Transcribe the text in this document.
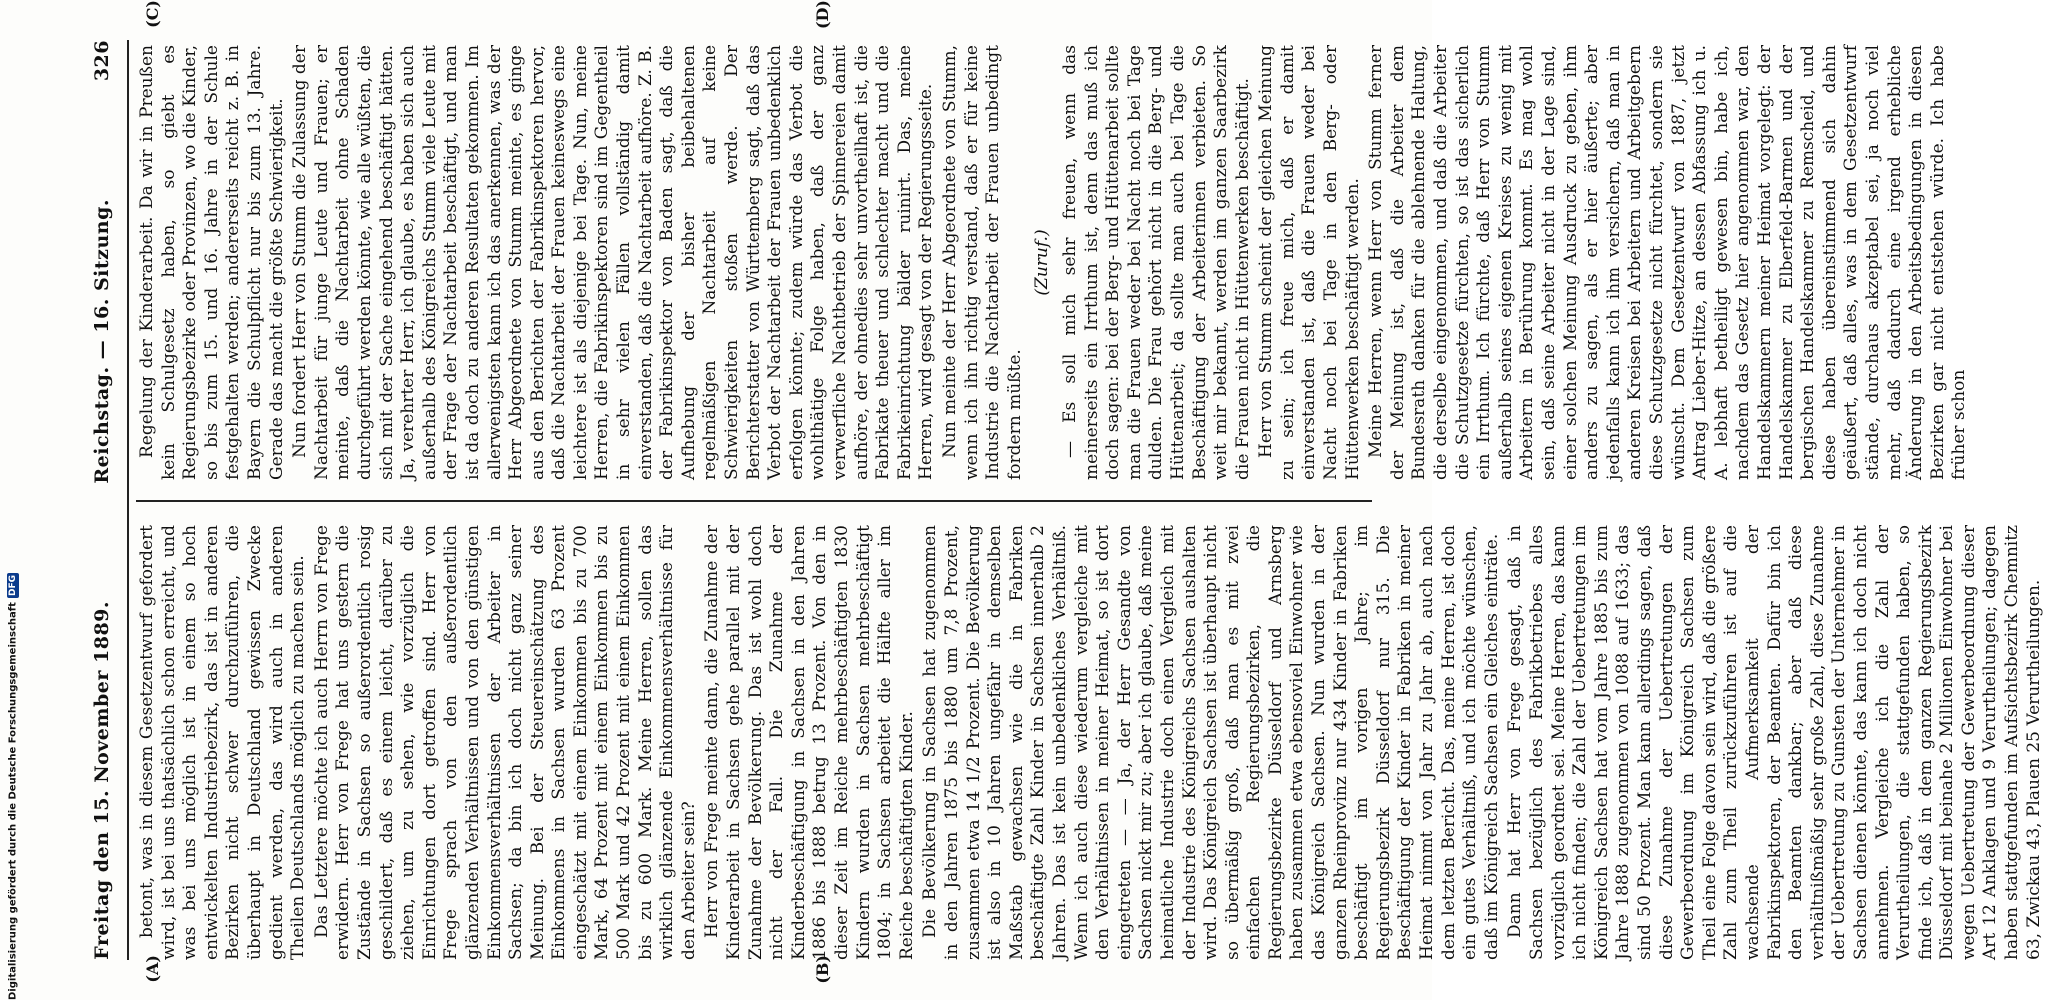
326
Reichstag. — 16. Sitzung.
Freitag den 15. November 1889.
(A)	(B)
(C)	(D)

Regelung der Kinderarbeit. Da wir in Preußen kein Schulgesetz haben, so giebt es Regierungsbezirke oder Provinzen, wo die Kinder, so bis zum 15. und 16. Jahre in der Schule festgehalten werden; andererseits reicht z. B. in Bayern die Schulpflicht nur bis zum 13. Jahre. Gerade das macht die größte Schwierigkeit. Nun fordert Herr von Stumm die Zulassung der Nachtarbeit für junge Leute und Frauen; er meinte, daß die Nachtarbeit ohne Schaden durchgeführt werden könnte, wie alle wüßten, die sich mit der Sache eingehend beschäftigt hätten. Ja, verehrter Herr, ich glaube, es haben sich auch außerhalb des Königreichs Stumm viele Leute mit der Frage der Nachtarbeit beschäftigt, und man ist da doch zu anderen Resultaten gekommen. Im allerwenigsten kann ich das anerkennen, was der Herr Abgeordnete von Stumm meinte, es ginge aus den Berichten der Fabrikinspektoren hervor, daß die Nachtarbeit der Frauen keineswegs eine leichtere ist als diejenige bei Tage. Nun, meine Herren, die Fabrikinspektoren sind im Gegentheil in sehr vielen Fällen vollständig damit einverstanden, daß die Nachtarbeit aufhöre. Z. B. der Fabrikinspektor von Baden sagt, daß die Aufhebung der bisher beibehaltenen regelmäßigen Nachtarbeit auf keine Schwierigkeiten stoßen werde. Der Berichterstatter von Württemberg sagt, daß das Verbot der Nachtarbeit der Frauen unbedenklich erfolgen könnte; zudem würde das Verbot die wohlthätige Folge haben, daß der ganz verwerfliche Nachtbetrieb der Spinnereien damit aufhöre, der ohnedies sehr unvortheilhaft ist, die Fabrikate theuer und schlechter macht und die Fabrikeinrichtung bälder ruinirt. Das, meine Herren, wird gesagt von der Regierungsseite. Nun meinte der Herr Abgeordnete von Stumm, wenn ich ihn richtig verstand, daß er für keine Industrie die Nachtarbeit der Frauen unbedingt fordern müßte.

(Zuruf.) — Es soll mich sehr freuen, wenn das meinerseits ein Irrthum ist, denn das muß ich doch sagen: bei der Berg- und Hüttenarbeit sollte man die Frauen weder bei Nacht noch bei Tage dulden. Die Frau gehört nicht in die Berg- und Hüttenarbeit; da sollte man auch bei Tage die Beschäftigung der Arbeiterinnen verbieten. So weit mir bekannt, werden im ganzen Saarbezirk die Frauen nicht in Hüttenwerken beschäftigt. Herr von Stumm scheint der gleichen Meinung zu sein; ich freue mich, daß er damit einverstanden ist, daß die Frauen weder bei Nacht noch bei Tage in den Berg- oder Hüttenwerken beschäftigt werden. Meine Herren, wenn Herr von Stumm ferner der Meinung ist, daß die Arbeiter dem Bundesrath danken für die ablehnende Haltung, die derselbe eingenommen, und daß die Arbeiter die Schutzgesetze fürchten, so ist das sicherlich ein Irrthum. Ich fürchte, daß Herr von Stumm außerhalb seines eigenen Kreises zu wenig mit Arbeitern in Berührung kommt. Es mag wohl sein, daß seine Arbeiter nicht in der Lage sind, einer solchen Meinung Ausdruck zu geben, ihm anders zu sagen, als er hier äußerte; aber jedenfalls kann ich ihm versichern, daß man in anderen Kreisen bei Arbeitern und Arbeitgebern diese Schutzgesetze nicht fürchtet, sondern sie wünscht. Dem Gesetzentwurf von 1887, jetzt Antrag Lieber-Hitze, an dessen Abfassung ich u. A. lebhaft betheiligt gewesen bin, habe ich, nachdem das Gesetz hier angenommen war, den Handelskammern meiner Heimat vorgelegt: der Handelskammer zu Elberfeld-Barmen und der bergischen Handelskammer zu Remscheid, und diese haben übereinstimmend sich dahin geäußert, daß alles, was in dem Gesetzentwurf stände, durchaus akzeptabel sei, ja noch viel mehr, daß dadurch eine irgend erhebliche Änderung in den Arbeitsbedingungen in diesen Bezirken gar nicht entstehen würde. Ich habe früher schon

betont, was in diesem Gesetzentwurf gefordert wird, ist bei uns thatsächlich schon erreicht, und was bei uns möglich ist in einem so hoch entwickelten Industriebezirk, das ist in anderen Bezirken nicht schwer durchzuführen, die überhaupt in Deutschland gewissen Zwecke gedient werden, das wird auch in anderen Theilen Deutschlands möglich zu machen sein. Das Letztere möchte ich auch Herrn von Frege erwidern. Herr von Frege hat uns gestern die Zustände in Sachsen so außerordentlich rosig geschildert, daß es einem leicht, darüber zu ziehen, um zu sehen, wie vorzüglich die Einrichtungen dort getroffen sind. Herr von Frege sprach von den außerordentlich glänzenden Verhältnissen und von den günstigen Einkommensverhältnissen der Arbeiter in Sachsen; da bin ich doch nicht ganz seiner Meinung. Bei der Steuereinschätzung des Einkommens in Sachsen wurden 63 Prozent eingeschätzt mit einem Einkommen bis zu 700 Mark, 64 Prozent mit einem Einkommen bis zu 500 Mark und 42 Prozent mit einem Einkommen bis zu 600 Mark. Meine Herren, sollen das wirklich glänzende Einkommensverhältnisse für den Arbeiter sein? Herr von Frege meinte dann, die Zunahme der Kinderarbeit in Sachsen gehe parallel mit der Zunahme der Bevölkerung. Das ist wohl doch nicht der Fall. Die Zunahme der Kinderbeschäftigung in Sachsen in den Jahren 1886 bis 1888 betrug 13 Prozent. Von den in dieser Zeit im Reiche mehrbeschäftigten 1830 Kindern wurden in Sachsen mehrbeschäftigt 1804; in Sachsen arbeitet die Hälfte aller im Reiche beschäftigten Kinder. Die Bevölkerung in Sachsen hat zugenommen in den Jahren 1875 bis 1880 um 7,8 Prozent, zusammen etwa 14 1/2 Prozent. Die Bevölkerung ist also in 10 Jahren ungefähr in demselben Maßstab gewachsen wie die in Fabriken beschäftigte Zahl Kinder in Sachsen innerhalb 2 Jahren. Das ist kein unbedenkliches Verhältniß. Wenn ich auch diese wiederum vergleiche mit den Verhältnissen in meiner Heimat, so ist dort eingetreten — — Ja, der Herr Gesandte von Sachsen nickt mir zu; aber ich glaube, daß meine heimatliche Industrie doch einen Vergleich mit der Industrie des Königreichs Sachsen aushalten wird. Das Königreich Sachsen ist überhaupt nicht so übermäßig groß, daß man es mit zwei einfachen Regierungsbezirken, die Regierungsbezirke Düsseldorf und Arnsberg haben zusammen etwa ebensoviel Einwohner wie das Königreich Sachsen. Nun wurden in der ganzen Rheinprovinz nur 434 Kinder in Fabriken beschäftigt im vorigen Jahre; im Regierungsbezirk Düsseldorf nur 315. Die Beschäftigung der Kinder in Fabriken in meiner Heimat nimmt von Jahr zu Jahr ab, auch nach dem letzten Bericht. Das, meine Herren, ist doch ein gutes Verhältniß, und ich möchte wünschen, daß im Königreich Sachsen ein Gleiches einträte. Dann hat Herr von Frege gesagt, daß in Sachsen bezüglich des Fabrikbetriebes alles vorzüglich geordnet sei. Meine Herren, das kann ich nicht finden; die Zahl der Uebertretungen im Königreich Sachsen hat vom Jahre 1885 bis zum Jahre 1888 zugenommen von 1088 auf 1633; das sind 50 Prozent. Man kann allerdings sagen, daß diese Zunahme der Uebertretungen der Gewerbeordnung im Königreich Sachsen zum Theil eine Folge davon sein wird, daß die größere Zahl zum Theil zurückzuführen ist auf die wachsende Aufmerksamkeit der Fabrikinspektoren, der Beamten. Dafür bin ich den Beamten dankbar; aber daß diese verhältnißmäßig sehr große Zahl, diese Zunahme der Uebertretung zu Gunsten der Unternehmer in Sachsen dienen könnte, das kann ich doch nicht annehmen. Vergleiche ich die Zahl der Verurtheilungen, die stattgefunden haben, so finde ich, daß in dem ganzen Regierungsbezirk Düsseldorf mit beinahe 2 Millionen Einwohner bei wegen Uebertretung der Gewerbeordnung dieser Art 12 Anklagen und 9 Verurtheilungen; dagegen haben stattgefunden im Aufsichtsbezirk Chemnitz 63, Zwickau 43, Plauen 25 Verurtheilungen.

Digitalisierung gefördert durch die Deutsche Forschungsgemeinschaft
DFG
